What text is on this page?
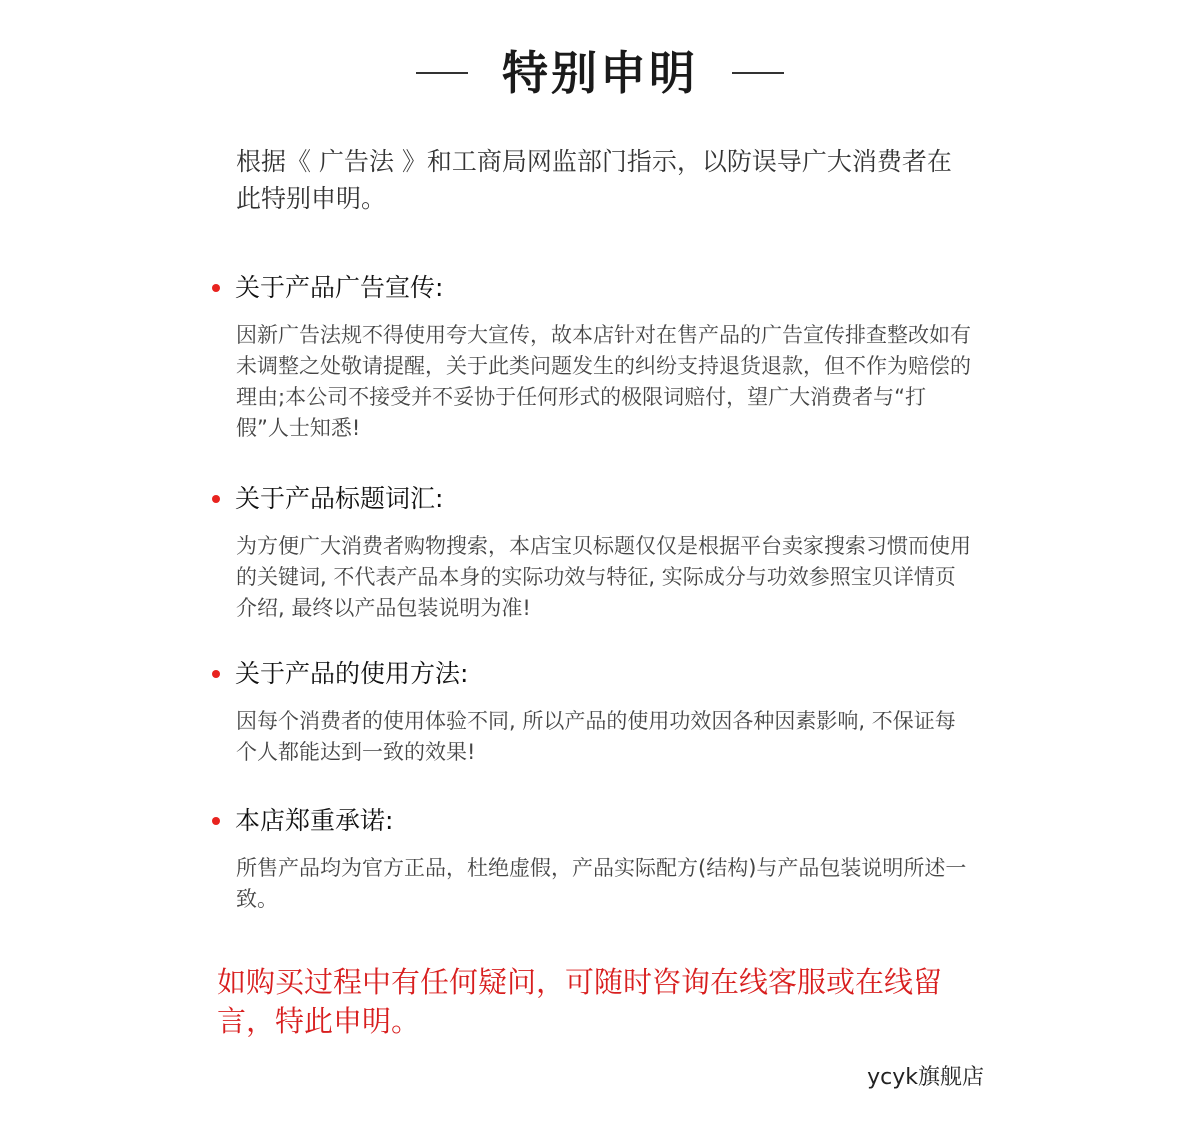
特别申明

根据《 广告法 》和工商局网监部门指示，以防误导广大消费者在此特别申明。

关于产品广告宣传:
因新广告法规不得使用夸大宣传，故本店针对在售产品的广告宣传排查整改如有未调整之处敬请提醒，关于此类问题发生的纠纷支持退货退款，但不作为赔偿的理由;本公司不接受并不妥协于任何形式的极限词赔付，望广大消费者与“打假”人士知悉!
关于产品标题词汇:
为方便广大消费者购物搜索，本店宝贝标题仅仅是根据平台卖家搜索习惯而使用的关键词, 不代表产品本身的实际功效与特征, 实际成分与功效参照宝贝详情页介绍, 最终以产品包装说明为准!
关于产品的使用方法:
因每个消费者的使用体验不同, 所以产品的使用功效因各种因素影响, 不保证每个人都能达到一致的效果!
本店郑重承诺:
所售产品均为官方正品，杜绝虚假，产品实际配方(结构)与产品包装说明所述一致。

如购买过程中有任何疑问，可随时咨询在线客服或在线留言，特此申明。

ycyk旗舰店
